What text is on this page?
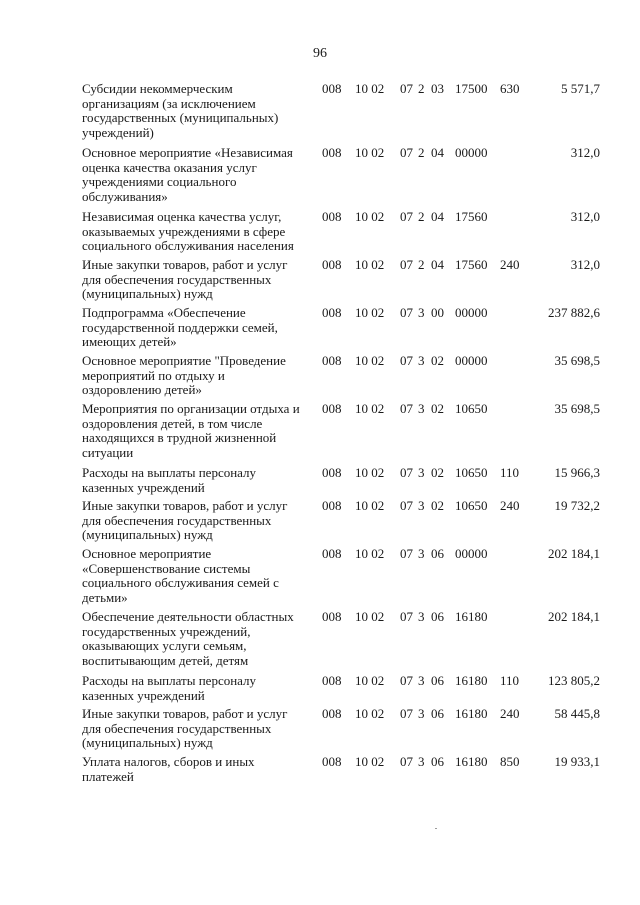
96
Субсидии некоммерческим организациям (за исключением государственных (муниципальных) учреждений)
008 10 02 07 2 03 17500 630	5 571,7
Основное мероприятие «Независимая оценка качества оказания услуг учреждениями социального обслуживания»
008 10 02 07 2 04 00000	312,0
Независимая оценка качества услуг, оказываемых учреждениями в сфере социального обслуживания населения
008 10 02 07 2 04 17560	312,0
Иные закупки товаров, работ и услуг для обеспечения государственных (муниципальных) нужд
008 10 02 07 2 04 17560 240	312,0
Подпрограмма «Обеспечение государственной поддержки семей, имеющих детей»
008 10 02 07 3 00 00000	237 882,6
Основное мероприятие "Проведение мероприятий по отдыху и оздоровлению детей»
008 10 02 07 3 02 00000	35 698,5
Мероприятия по организации отдыха и оздоровления детей, в том числе находящихся в трудной жизненной ситуации
008 10 02 07 3 02 10650	35 698,5
Расходы на выплаты персоналу казенных учреждений
008 10 02 07 3 02 10650 110	15 966,3
Иные закупки товаров, работ и услуг для обеспечения государственных (муниципальных) нужд
008 10 02 07 3 02 10650 240	19 732,2
Основное мероприятие «Совершенствование системы социального обслуживания семей с детьми»
008 10 02 07 3 06 00000	202 184,1
Обеспечение деятельности областных государственных учреждений, оказывающих услуги семьям, воспитывающим детей, детям
008 10 02 07 3 06 16180	202 184,1
Расходы на выплаты персоналу казенных учреждений
008 10 02 07 3 06 16180 110	123 805,2
Иные закупки товаров, работ и услуг для обеспечения государственных (муниципальных) нужд
008 10 02 07 3 06 16180 240	58 445,8
Уплата налогов, сборов и иных платежей
008 10 02 07 3 06 16180 850	19 933,1
